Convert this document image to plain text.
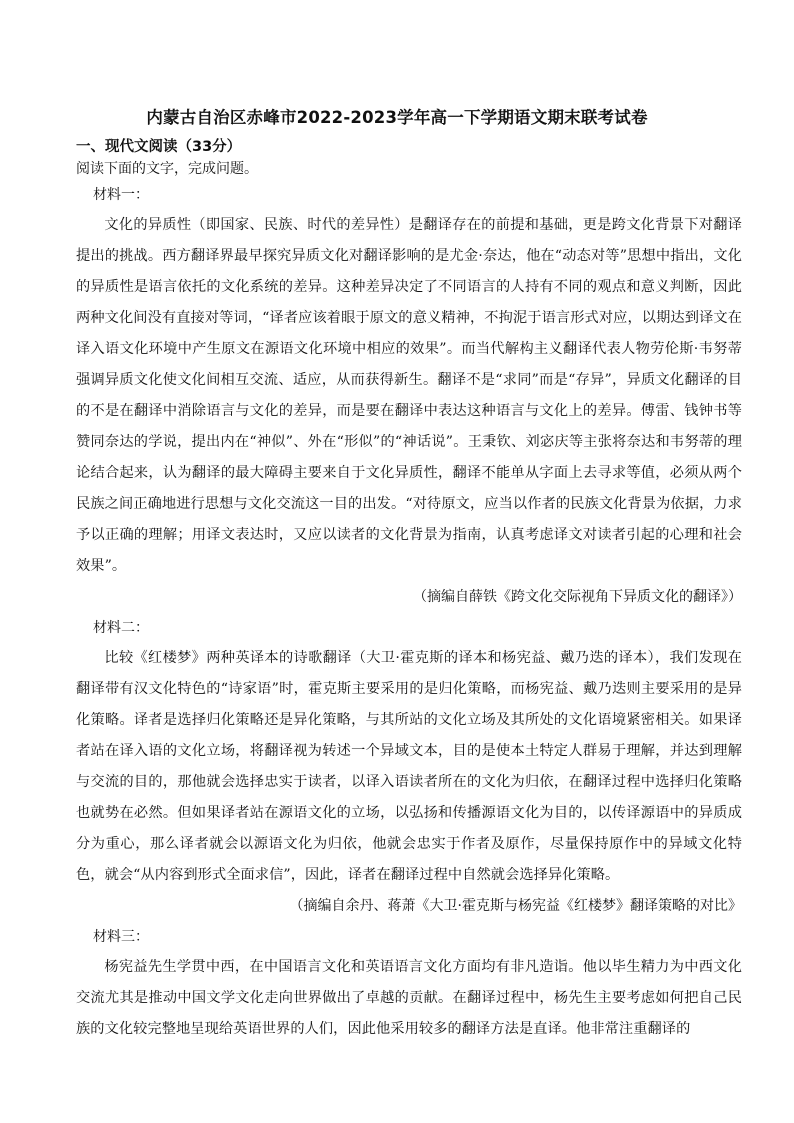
内蒙古自治区赤峰市2022-2023学年高一下学期语文期末联考试卷
一、现代文阅读（33分）
阅读下面的文字，完成问题。
材料一：

文化的异质性（即国家、民族、时代的差异性）是翻译存在的前提和基础，更是跨文化背景下对翻译提出的挑战。西方翻译界最早探究异质文化对翻译影响的是尤金·奈达，他在“动态对等”思想中指出，文化的异质性是语言依托的文化系统的差异。这种差异决定了不同语言的人持有不同的观点和意义判断，因此两种文化间没有直接对等词，“译者应该着眼于原文的意义精神，不拘泥于语言形式对应，以期达到译文在译入语文化环境中产生原文在源语文化环境中相应的效果”。而当代解构主义翻译代表人物劳伦斯·韦努蒂强调异质文化使文化间相互交流、适应，从而获得新生。翻译不是“求同”而是“存异”，异质文化翻译的目的不是在翻译中消除语言与文化的差异，而是要在翻译中表达这种语言与文化上的差异。傅雷、钱钟书等赞同奈达的学说，提出内在“神似”、外在“形似”的“神话说”。王秉钦、刘宓庆等主张将奈达和韦努蒂的理论结合起来，认为翻译的最大障碍主要来自于文化异质性，翻译不能单从字面上去寻求等值，必须从两个民族之间正确地进行思想与文化交流这一目的出发。“对待原文，应当以作者的民族文化背景为依据，力求予以正确的理解；用译文表达时，又应以读者的文化背景为指南，认真考虑译文对读者引起的心理和社会效果”。

（摘编自薛铁《跨文化交际视角下异质文化的翻译》）
材料二：

比较《红楼梦》两种英译本的诗歌翻译（大卫·霍克斯的译本和杨宪益、戴乃迭的译本），我们发现在翻译带有汉文化特色的“诗家语”时，霍克斯主要采用的是归化策略，而杨宪益、戴乃迭则主要采用的是异化策略。译者是选择归化策略还是异化策略，与其所站的文化立场及其所处的文化语境紧密相关。如果译者站在译入语的文化立场，将翻译视为转述一个异域文本，目的是使本土特定人群易于理解，并达到理解与交流的目的，那他就会选择忠实于读者，以译入语读者所在的文化为归依，在翻译过程中选择归化策略也就势在必然。但如果译者站在源语文化的立场，以弘扬和传播源语文化为目的，以传译源语中的异质成分为重心，那么译者就会以源语文化为归依，他就会忠实于作者及原作，尽量保持原作中的异域文化特色，就会“从内容到形式全面求信”，因此，译者在翻译过程中自然就会选择异化策略。

（摘编自余丹、蒋萧《大卫·霍克斯与杨宪益《红楼梦》翻译策略的对比》
材料三：

杨宪益先生学贯中西，在中国语言文化和英语语言文化方面均有非凡造诣。他以毕生精力为中西文化交流尤其是推动中国文学文化走向世界做出了卓越的贡献。在翻译过程中，杨先生主要考虑如何把自己民族的文化较完整地呈现给英语世界的人们，因此他采用较多的翻译方法是直译。他非常注重翻译的
